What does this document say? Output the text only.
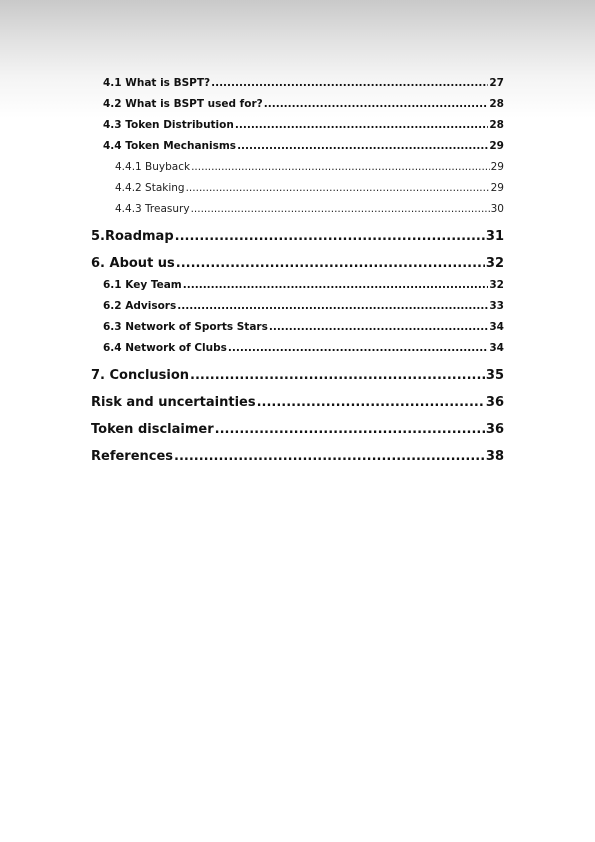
4.1 What is BSPT? .....	27
4.2 What is BSPT used for? .....	28
4.3 Token Distribution .....	28
4.4 Token Mechanisms .....	29
4.4.1 Buyback .....	29
4.4.2 Staking .....	29
4.4.3 Treasury .....	30
5.Roadmap .....	31
6. About us .....	32
6.1 Key Team .....	32
6.2 Advisors .....	33
6.3 Network of Sports Stars .....	34
6.4 Network of Clubs .....	34
7. Conclusion .....	35
Risk and uncertainties .....	36
Token disclaimer .....	36
References .....	38
